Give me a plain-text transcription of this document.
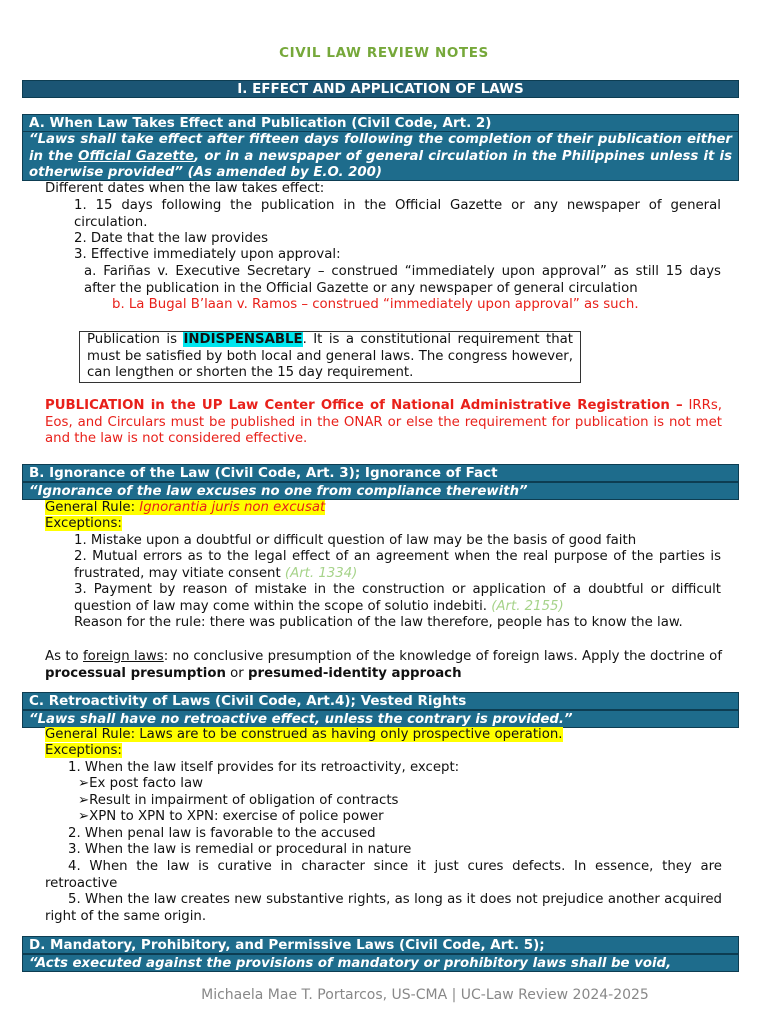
CIVIL LAW REVIEW NOTES
I. EFFECT AND APPLICATION OF LAWS
A. When Law Takes Effect and Publication (Civil Code, Art. 2)
“Laws shall take effect after fifteen days following the completion of their publication either in the Official Gazette, or in a newspaper of general circulation in the Philippines unless it is otherwise provided” (As amended by E.O. 200)
Different dates when the law takes effect:
1. 15 days following the publication in the Official Gazette or any newspaper of general circulation.
2. Date that the law provides
3. Effective immediately upon approval:
a. Fariñas v. Executive Secretary – construed “immediately upon approval” as still 15 days after the publication in the Official Gazette or any newspaper of general circulation
b. La Bugal B’laan v. Ramos – construed “immediately upon approval” as such.
Publication is INDISPENSABLE. It is a constitutional requirement that must be satisfied by both local and general laws. The congress however, can lengthen or shorten the 15 day requirement.
PUBLICATION in the UP Law Center Office of National Administrative Registration – IRRs, Eos, and Circulars must be published in the ONAR or else the requirement for publication is not met and the law is not considered effective.
B. Ignorance of the Law (Civil Code, Art. 3); Ignorance of Fact
“Ignorance of the law excuses no one from compliance therewith”
General Rule: Ignorantia juris non excusat
Exceptions:
1. Mistake upon a doubtful or difficult question of law may be the basis of good faith
2. Mutual errors as to the legal effect of an agreement when the real purpose of the parties is frustrated, may vitiate consent (Art. 1334)
3. Payment by reason of mistake in the construction or application of a doubtful or difficult question of law may come within the scope of solutio indebiti. (Art. 2155)
Reason for the rule: there was publication of the law therefore, people has to know the law.
As to foreign laws: no conclusive presumption of the knowledge of foreign laws. Apply the doctrine of processual presumption or presumed-identity approach
C. Retroactivity of Laws (Civil Code, Art.4); Vested Rights
“Laws shall have no retroactive effect, unless the contrary is provided.”
General Rule: Laws are to be construed as having only prospective operation.
Exceptions:
1. When the law itself provides for its retroactivity, except:
➢Ex post facto law
➢Result in impairment of obligation of contracts
➢XPN to XPN to XPN: exercise of police power
2. When penal law is favorable to the accused
3. When the law is remedial or procedural in nature
4. When the law is curative in character since it just cures defects. In essence, they are retroactive
5. When the law creates new substantive rights, as long as it does not prejudice another acquired right of the same origin.
D. Mandatory, Prohibitory, and Permissive Laws (Civil Code, Art. 5);
“Acts executed against the provisions of mandatory or prohibitory laws shall be void,
Michaela Mae T. Portarcos, US-CMA | UC-Law Review 2024-2025
